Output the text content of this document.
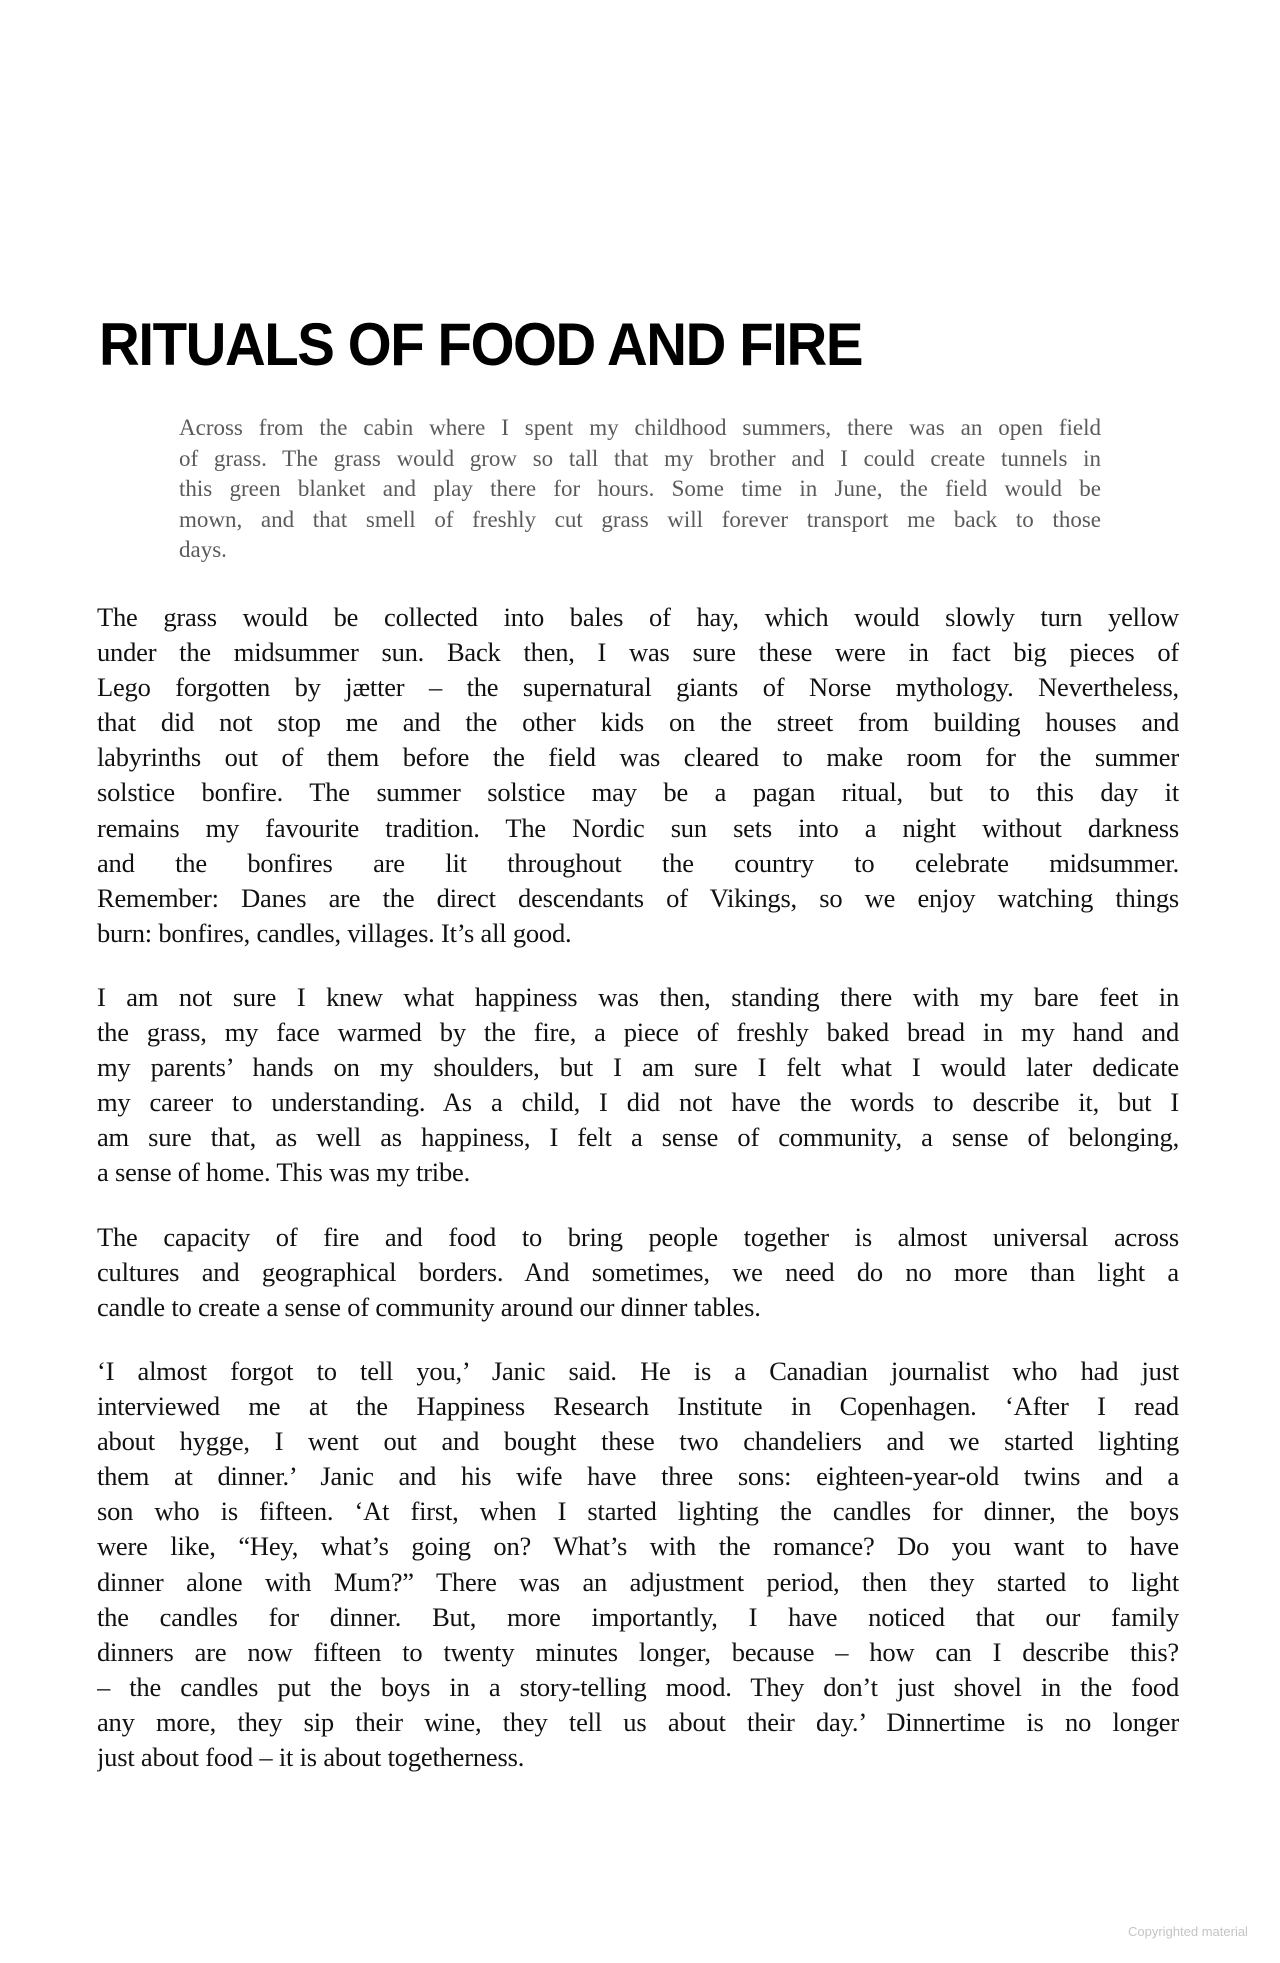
RITUALS OF FOOD AND FIRE
Across from the cabin where I spent my childhood summers, there was an open field
of grass. The grass would grow so tall that my brother and I could create tunnels in
this green blanket and play there for hours. Some time in June, the field would be
mown, and that smell of freshly cut grass will forever transport me back to those
days.
The grass would be collected into bales of hay, which would slowly turn yellow
under the midsummer sun. Back then, I was sure these were in fact big pieces of
Lego forgotten by jætter – the supernatural giants of Norse mythology. Nevertheless,
that did not stop me and the other kids on the street from building houses and
labyrinths out of them before the field was cleared to make room for the summer
solstice bonfire. The summer solstice may be a pagan ritual, but to this day it
remains my favourite tradition. The Nordic sun sets into a night without darkness
and the bonfires are lit throughout the country to celebrate midsummer.
Remember: Danes are the direct descendants of Vikings, so we enjoy watching things
burn: bonfires, candles, villages. It’s all good.
I am not sure I knew what happiness was then, standing there with my bare feet in
the grass, my face warmed by the fire, a piece of freshly baked bread in my hand and
my parents’ hands on my shoulders, but I am sure I felt what I would later dedicate
my career to understanding. As a child, I did not have the words to describe it, but I
am sure that, as well as happiness, I felt a sense of community, a sense of belonging,
a sense of home. This was my tribe.
The capacity of fire and food to bring people together is almost universal across
cultures and geographical borders. And sometimes, we need do no more than light a
candle to create a sense of community around our dinner tables.
‘I almost forgot to tell you,’ Janic said. He is a Canadian journalist who had just
interviewed me at the Happiness Research Institute in Copenhagen. ‘After I read
about hygge, I went out and bought these two chandeliers and we started lighting
them at dinner.’ Janic and his wife have three sons: eighteen-year-old twins and a
son who is fifteen. ‘At first, when I started lighting the candles for dinner, the boys
were like, “Hey, what’s going on? What’s with the romance? Do you want to have
dinner alone with Mum?” There was an adjustment period, then they started to light
the candles for dinner. But, more importantly, I have noticed that our family
dinners are now fifteen to twenty minutes longer, because – how can I describe this?
– the candles put the boys in a story-telling mood. They don’t just shovel in the food
any more, they sip their wine, they tell us about their day.’ Dinnertime is no longer
just about food – it is about togetherness.
Copyrighted material
